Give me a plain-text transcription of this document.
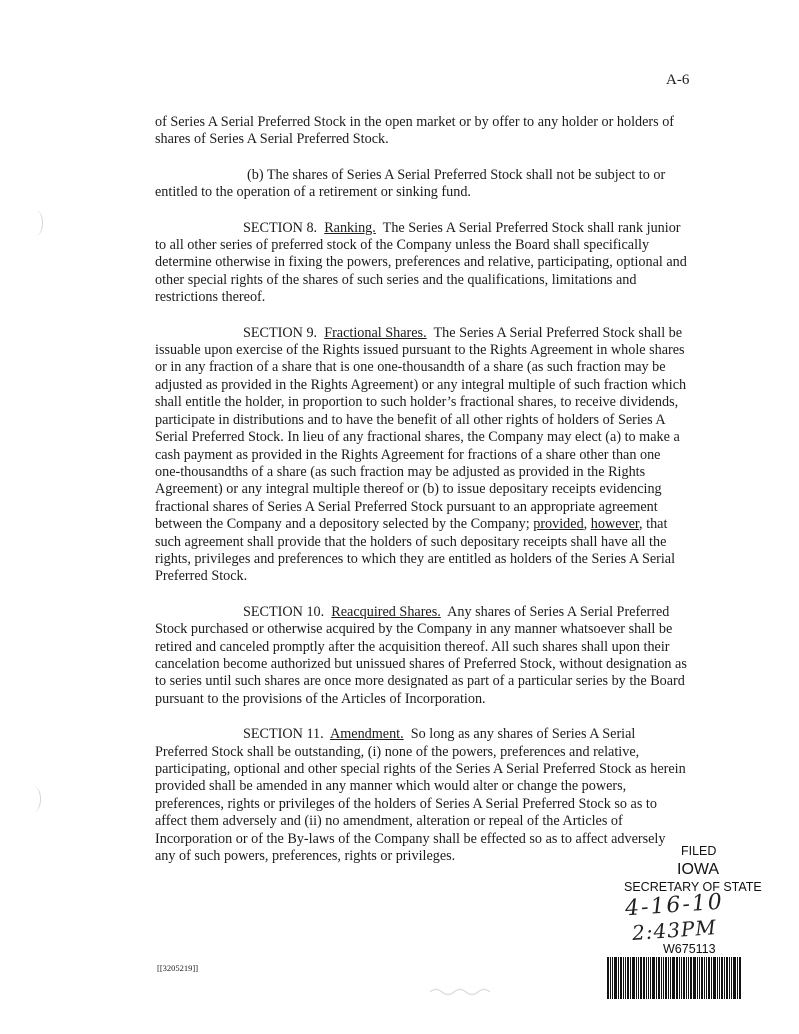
A-6

of Series A Serial Preferred Stock in the open market or by offer to any holder or holders of shares of Series A Serial Preferred Stock.

(b) The shares of Series A Serial Preferred Stock shall not be subject to or entitled to the operation of a retirement or sinking fund.

SECTION 8. Ranking. The Series A Serial Preferred Stock shall rank junior to all other series of preferred stock of the Company unless the Board shall specifically determine otherwise in fixing the powers, preferences and relative, participating, optional and other special rights of the shares of such series and the qualifications, limitations and restrictions thereof.

SECTION 9. Fractional Shares. The Series A Serial Preferred Stock shall be issuable upon exercise of the Rights issued pursuant to the Rights Agreement in whole shares or in any fraction of a share that is one one-thousandth of a share (as such fraction may be adjusted as provided in the Rights Agreement) or any integral multiple of such fraction which shall entitle the holder, in proportion to such holder’s fractional shares, to receive dividends, participate in distributions and to have the benefit of all other rights of holders of Series A Serial Preferred Stock. In lieu of any fractional shares, the Company may elect (a) to make a cash payment as provided in the Rights Agreement for fractions of a share other than one one-thousandths of a share (as such fraction may be adjusted as provided in the Rights Agreement) or any integral multiple thereof or (b) to issue depositary receipts evidencing fractional shares of Series A Serial Preferred Stock pursuant to an appropriate agreement between the Company and a depository selected by the Company; provided, however, that such agreement shall provide that the holders of such depositary receipts shall have all the rights, privileges and preferences to which they are entitled as holders of the Series A Serial Preferred Stock.

SECTION 10. Reacquired Shares. Any shares of Series A Serial Preferred Stock purchased or otherwise acquired by the Company in any manner whatsoever shall be retired and canceled promptly after the acquisition thereof. All such shares shall upon their cancelation become authorized but unissued shares of Preferred Stock, without designation as to series until such shares are once more designated as part of a particular series by the Board pursuant to the provisions of the Articles of Incorporation.

SECTION 11. Amendment. So long as any shares of Series A Serial Preferred Stock shall be outstanding, (i) none of the powers, preferences and relative, participating, optional and other special rights of the Series A Serial Preferred Stock as herein provided shall be amended in any manner which would alter or change the powers, preferences, rights or privileges of the holders of Series A Serial Preferred Stock so as to affect them adversely and (ii) no amendment, alteration or repeal of the Articles of Incorporation or of the By-laws of the Company shall be effected so as to affect adversely any of such powers, preferences, rights or privileges.	FILED
IOWA
SECRETARY OF STATE
4-16-10
2:43PM
W675113
[[3205219]]
